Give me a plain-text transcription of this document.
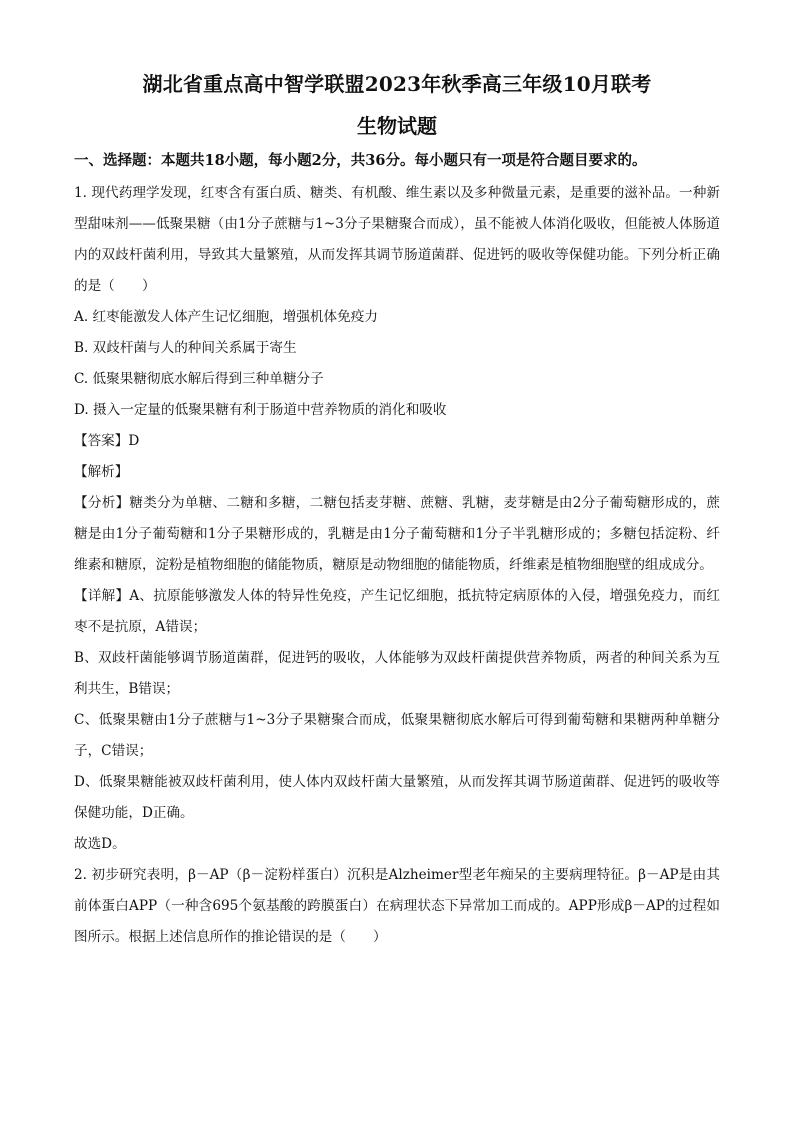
湖北省重点高中智学联盟2023年秋季高三年级10月联考
生物试题
一、选择题：本题共18小题，每小题2分，共36分。每小题只有一项是符合题目要求的。

1. 现代药理学发现，红枣含有蛋白质、糖类、有机酸、维生素以及多种微量元素，是重要的滋补品。一种新型甜味剂——低聚果糖（由1分子蔗糖与1~3分子果糖聚合而成），虽不能被人体消化吸收，但能被人体肠道内的双歧杆菌利用，导致其大量繁殖，从而发挥其调节肠道菌群、促进钙的吸收等保健功能。下列分析正确的是（　　）

A. 红枣能激发人体产生记忆细胞，增强机体免疫力

B. 双歧杆菌与人的种间关系属于寄生

C. 低聚果糖彻底水解后得到三种单糖分子

D. 摄入一定量的低聚果糖有利于肠道中营养物质的消化和吸收

【答案】D

【解析】

【分析】糖类分为单糖、二糖和多糖，二糖包括麦芽糖、蔗糖、乳糖，麦芽糖是由2分子葡萄糖形成的，蔗糖是由1分子葡萄糖和1分子果糖形成的，乳糖是由1分子葡萄糖和1分子半乳糖形成的；多糖包括淀粉、纤维素和糖原，淀粉是植物细胞的储能物质，糖原是动物细胞的储能物质，纤维素是植物细胞壁的组成成分。

【详解】A、抗原能够激发人体的特异性免疫，产生记忆细胞，抵抗特定病原体的入侵，增强免疫力，而红枣不是抗原，A错误；

B、双歧杆菌能够调节肠道菌群，促进钙的吸收，人体能够为双歧杆菌提供营养物质，两者的种间关系为互利共生，B错误；

C、低聚果糖由1分子蔗糖与1~3分子果糖聚合而成，低聚果糖彻底水解后可得到葡萄糖和果糖两种单糖分子，C错误；

D、低聚果糖能被双歧杆菌利用，使人体内双歧杆菌大量繁殖，从而发挥其调节肠道菌群、促进钙的吸收等保健功能，D正确。

故选D。

2. 初步研究表明，β－AP（β－淀粉样蛋白）沉积是Alzheimer型老年痴呆的主要病理特征。β－AP是由其前体蛋白APP（一种含695个氨基酸的跨膜蛋白）在病理状态下异常加工而成的。APP形成β－AP的过程如图所示。根据上述信息所作的推论错误的是（　　）
